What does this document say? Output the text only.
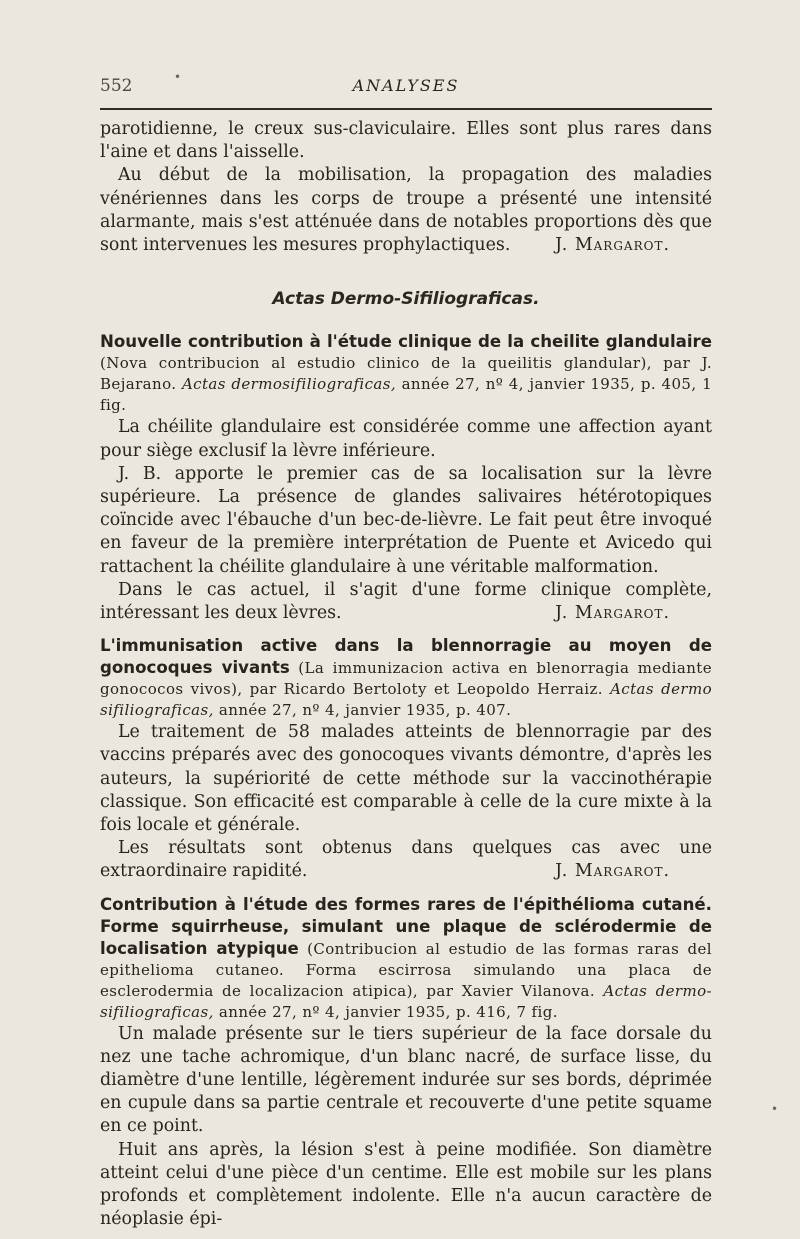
552	ANALYSES

parotidienne, le creux sus-claviculaire. Elles sont plus rares dans l'aine et dans l'aisselle.

Au début de la mobilisation, la propagation des maladies vénériennes dans les corps de troupe a présenté une intensité alarmante, mais s'est atténuée dans de notables proportions dès que sont intervenues les mesures prophylactiques.	J. Margarot.

Actas Dermo-Sifiliograficas.

Nouvelle contribution à l'étude clinique de la cheilite glandulaire (Nova contribucion al estudio clinico de la queilitis glandular), par J. Bejarano. Actas dermosifiliograficas, année 27, nº 4, janvier 1935, p. 405, 1 fig.

La chéilite glandulaire est considérée comme une affection ayant pour siège exclusif la lèvre inférieure.

J. B. apporte le premier cas de sa localisation sur la lèvre supérieure. La présence de glandes salivaires hétérotopiques coïncide avec l'ébauche d'un bec-de-lièvre. Le fait peut être invoqué en faveur de la première interprétation de Puente et Avicedo qui rattachent la chéilite glandulaire à une véritable malformation.

Dans le cas actuel, il s'agit d'une forme clinique complète, intéressant les deux lèvres.	J. Margarot.

L'immunisation active dans la blennorragie au moyen de gonocoques vivants (La immunizacion activa en blenorragia mediante gonococos vivos), par Ricardo Bertoloty et Leopoldo Herraiz. Actas dermo sifiliograficas, année 27, nº 4, janvier 1935, p. 407.

Le traitement de 58 malades atteints de blennorragie par des vaccins préparés avec des gonocoques vivants démontre, d'après les auteurs, la supériorité de cette méthode sur la vaccinothérapie classique. Son efficacité est comparable à celle de la cure mixte à la fois locale et générale.

Les résultats sont obtenus dans quelques cas avec une extraordinaire rapidité.	J. Margarot.

Contribution à l'étude des formes rares de l'épithélioma cutané. Forme squirrheuse, simulant une plaque de sclérodermie de localisation atypique (Contribucion al estudio de las formas raras del epithelioma cutaneo. Forma escirrosa simulando una placa de esclerodermia de localizacion atipica), par Xavier Vilanova. Actas dermo-sifiliograficas, année 27, nº 4, janvier 1935, p. 416, 7 fig.

Un malade présente sur le tiers supérieur de la face dorsale du nez une tache achromique, d'un blanc nacré, de surface lisse, du diamètre d'une lentille, légèrement indurée sur ses bords, déprimée en cupule dans sa partie centrale et recouverte d'une petite squame en ce point.

Huit ans après, la lésion s'est à peine modifiée. Son diamètre atteint celui d'une pièce d'un centime. Elle est mobile sur les plans profonds et complètement indolente. Elle n'a aucun caractère de néoplasie épi-

•
•
